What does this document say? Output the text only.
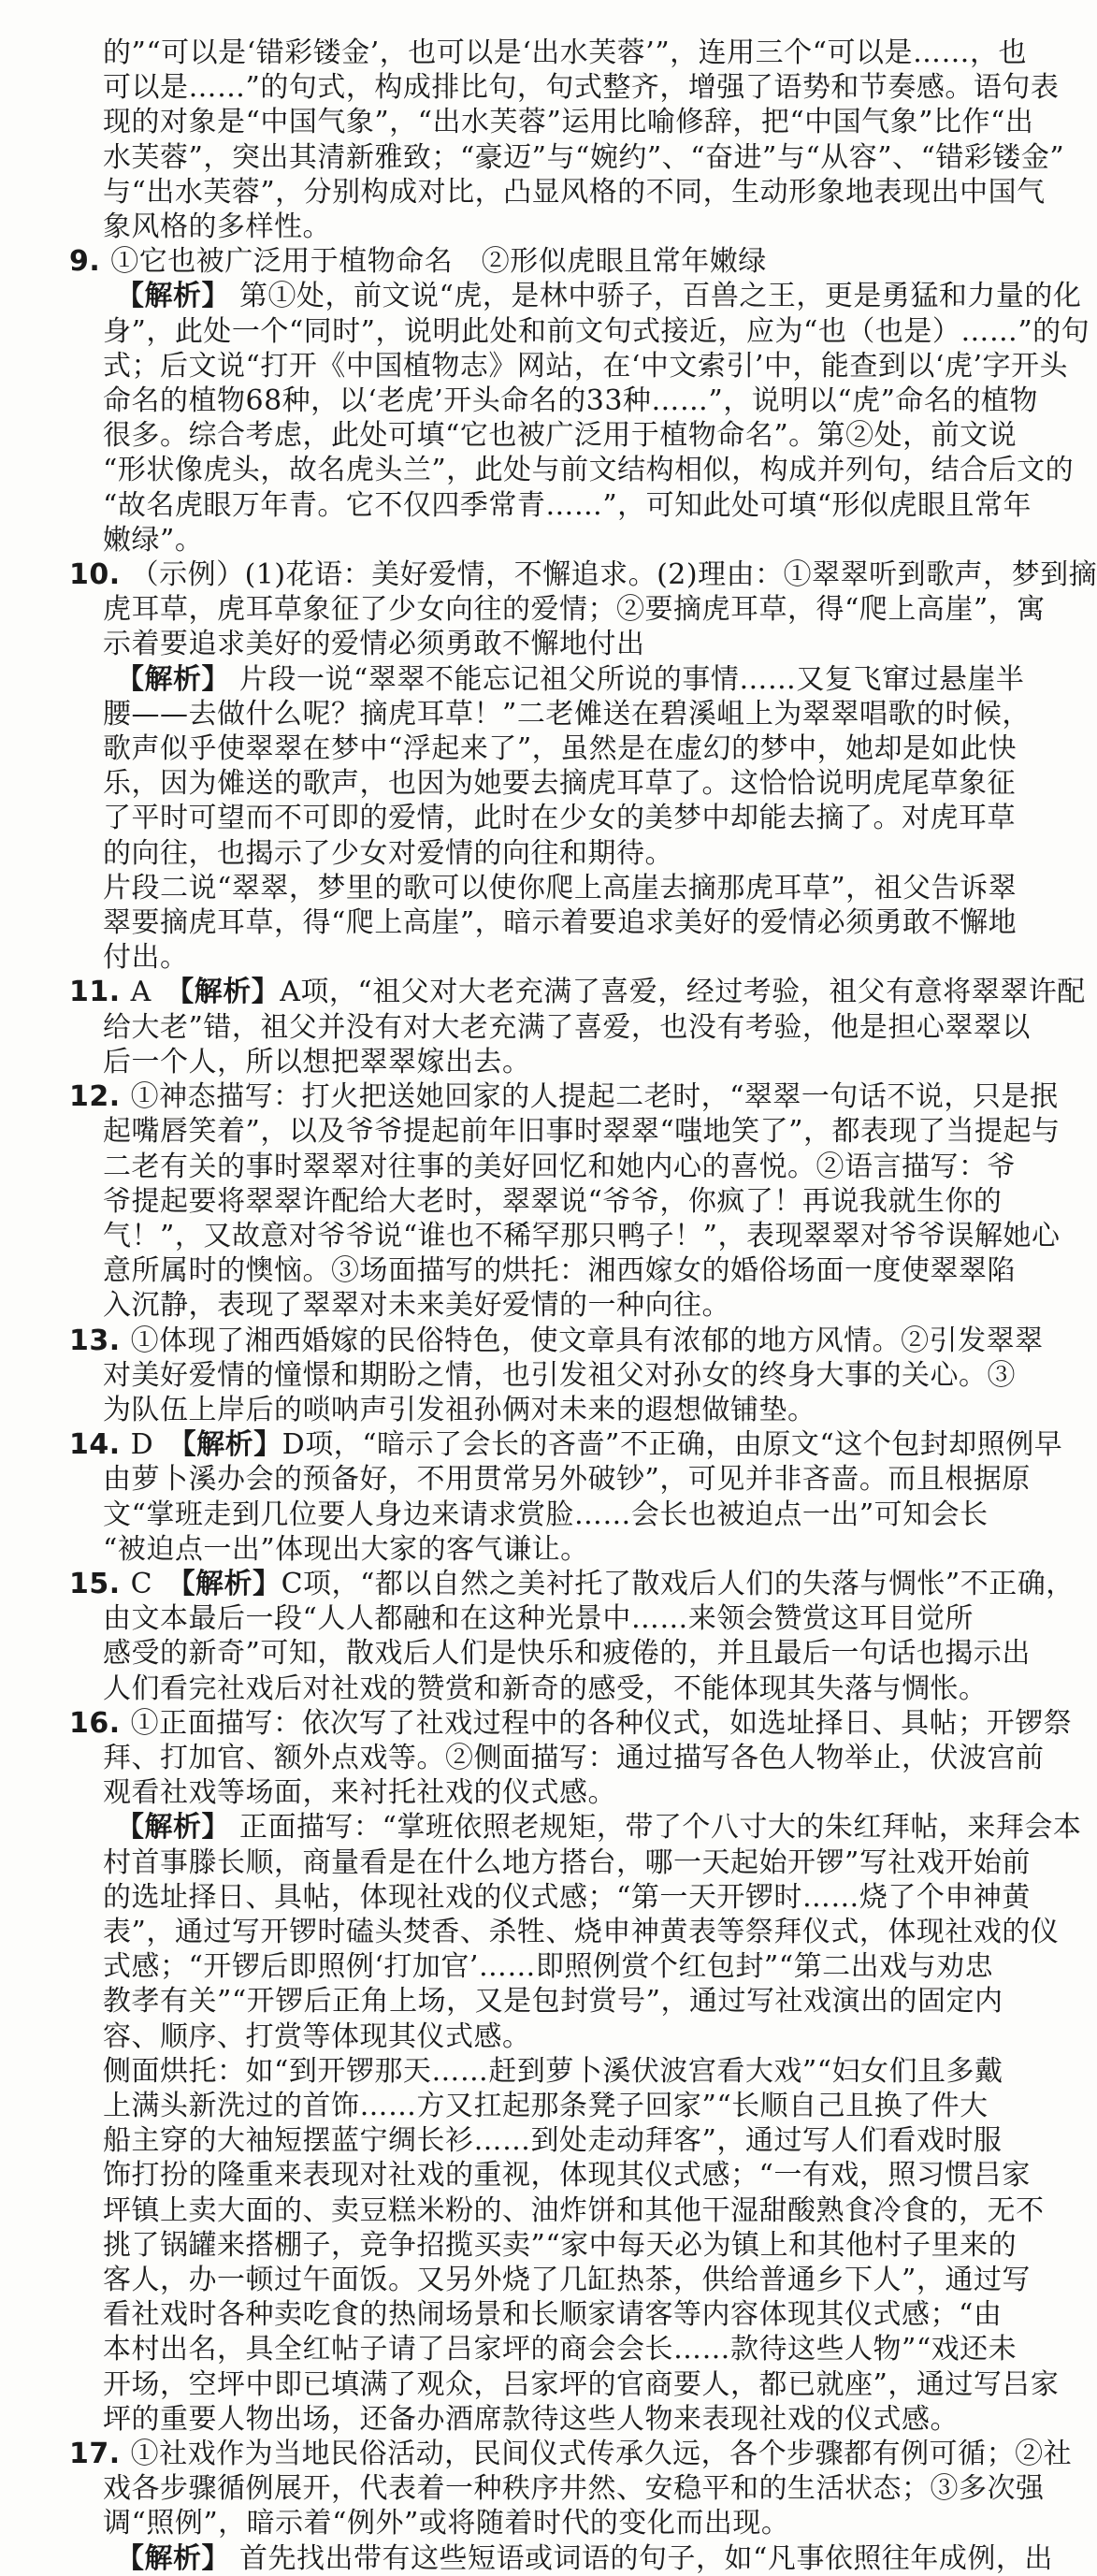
的”“可以是‘错彩镂金’，也可以是‘出水芙蓉’”，连用三个“可以是……，也
可以是……”的句式，构成排比句，句式整齐，增强了语势和节奏感。语句表
现的对象是“中国气象”，“出水芙蓉”运用比喻修辞，把“中国气象”比作“出
水芙蓉”，突出其清新雅致；“豪迈”与“婉约”、“奋进”与“从容”、“错彩镂金”
与“出水芙蓉”，分别构成对比，凸显风格的不同，生动形象地表现出中国气
象风格的多样性。
9. ①它也被广泛用于植物命名　②形似虎眼且常年嫩绿
【解析】 第①处，前文说“虎，是林中骄子，百兽之王，更是勇猛和力量的化
身”，此处一个“同时”，说明此处和前文句式接近，应为“也（也是）……”的句
式；后文说“打开《中国植物志》网站，在‘中文索引’中，能查到以‘虎’字开头
命名的植物68种，以‘老虎’开头命名的33种……”，说明以“虎”命名的植物
很多。综合考虑，此处可填“它也被广泛用于植物命名”。第②处，前文说
“形状像虎头，故名虎头兰”，此处与前文结构相似，构成并列句，结合后文的
“故名虎眼万年青。它不仅四季常青……”，可知此处可填“形似虎眼且常年
嫩绿”。
10. （示例）(1)花语：美好爱情，不懈追求。(2)理由：①翠翠听到歌声，梦到摘
虎耳草，虎耳草象征了少女向往的爱情；②要摘虎耳草，得“爬上高崖”，寓
示着要追求美好的爱情必须勇敢不懈地付出
【解析】 片段一说“翠翠不能忘记祖父所说的事情……又复飞窜过悬崖半
腰——去做什么呢？摘虎耳草！”二老傩送在碧溪岨上为翠翠唱歌的时候，
歌声似乎使翠翠在梦中“浮起来了”，虽然是在虚幻的梦中，她却是如此快
乐，因为傩送的歌声，也因为她要去摘虎耳草了。这恰恰说明虎尾草象征
了平时可望而不可即的爱情，此时在少女的美梦中却能去摘了。对虎耳草
的向往，也揭示了少女对爱情的向往和期待。
片段二说“翠翠，梦里的歌可以使你爬上高崖去摘那虎耳草”，祖父告诉翠
翠要摘虎耳草，得“爬上高崖”，暗示着要追求美好的爱情必须勇敢不懈地
付出。
11. A　【解析】A项，“祖父对大老充满了喜爱，经过考验，祖父有意将翠翠许配
给大老”错，祖父并没有对大老充满了喜爱，也没有考验，他是担心翠翠以
后一个人，所以想把翠翠嫁出去。
12. ①神态描写：打火把送她回家的人提起二老时，“翠翠一句话不说，只是抿
起嘴唇笑着”，以及爷爷提起前年旧事时翠翠“嗤地笑了”，都表现了当提起与
二老有关的事时翠翠对往事的美好回忆和她内心的喜悦。②语言描写：爷
爷提起要将翠翠许配给大老时，翠翠说“爷爷，你疯了！再说我就生你的
气！”，又故意对爷爷说“谁也不稀罕那只鸭子！”，表现翠翠对爷爷误解她心
意所属时的懊恼。③场面描写的烘托：湘西嫁女的婚俗场面一度使翠翠陷
入沉静，表现了翠翠对未来美好爱情的一种向往。
13. ①体现了湘西婚嫁的民俗特色，使文章具有浓郁的地方风情。②引发翠翠
对美好爱情的憧憬和期盼之情，也引发祖父对孙女的终身大事的关心。③
为队伍上岸后的唢呐声引发祖孙俩对未来的遐想做铺垫。
14. D　【解析】D项，“暗示了会长的吝啬”不正确，由原文“这个包封却照例早
由萝卜溪办会的预备好，不用贯常另外破钞”，可见并非吝啬。而且根据原
文“掌班走到几位要人身边来请求赏脸……会长也被迫点一出”可知会长
“被迫点一出”体现出大家的客气谦让。
15. C　【解析】C项，“都以自然之美衬托了散戏后人们的失落与惆怅”不正确，
由文本最后一段“人人都融和在这种光景中……来领会赞赏这耳目觉所
感受的新奇”可知，散戏后人们是快乐和疲倦的，并且最后一句话也揭示出
人们看完社戏后对社戏的赞赏和新奇的感受，不能体现其失落与惆怅。
16. ①正面描写：依次写了社戏过程中的各种仪式，如选址择日、具帖；开锣祭
拜、打加官、额外点戏等。②侧面描写：通过描写各色人物举止，伏波宫前
观看社戏等场面，来衬托社戏的仪式感。
【解析】 正面描写：“掌班依照老规矩，带了个八寸大的朱红拜帖，来拜会本
村首事滕长顺，商量看是在什么地方搭台，哪一天起始开锣”写社戏开始前
的选址择日、具帖，体现社戏的仪式感；“第一天开锣时……烧了个申神黄
表”，通过写开锣时磕头焚香、杀牲、烧申神黄表等祭拜仪式，体现社戏的仪
式感；“开锣后即照例‘打加官’……即照例赏个红包封”“第二出戏与劝忠
教孝有关”“开锣后正角上场，又是包封赏号”，通过写社戏演出的固定内
容、顺序、打赏等体现其仪式感。
侧面烘托：如“到开锣那天……赶到萝卜溪伏波宫看大戏”“妇女们且多戴
上满头新洗过的首饰……方又扛起那条凳子回家”“长顺自己且换了件大
船主穿的大袖短摆蓝宁绸长衫……到处走动拜客”，通过写人们看戏时服
饰打扮的隆重来表现对社戏的重视，体现其仪式感；“一有戏，照习惯吕家
坪镇上卖大面的、卖豆糕米粉的、油炸饼和其他干湿甜酸熟食冷食的，无不
挑了锅罐来搭棚子，竞争招揽买卖”“家中每天必为镇上和其他村子里来的
客人，办一顿过午面饭。又另外烧了几缸热茶，供给普通乡下人”，通过写
看社戏时各种卖吃食的热闹场景和长顺家请客等内容体现其仪式感；“由
本村出名，具全红帖子请了吕家坪的商会会长……款待这些人物”“戏还未
开场，空坪中即已填满了观众，吕家坪的官商要人，都已就座”，通过写吕家
坪的重要人物出场，还备办酒席款待这些人物来表现社戏的仪式感。
17. ①社戏作为当地民俗活动，民间仪式传承久远，各个步骤都有例可循；②社
戏各步骤循例展开，代表着一种秩序井然、安稳平和的生活状态；③多次强
调“照例”，暗示着“例外”或将随着时代的变化而出现。
【解析】 首先找出带有这些短语或词语的句子，如“凡事依照往年成例，出
